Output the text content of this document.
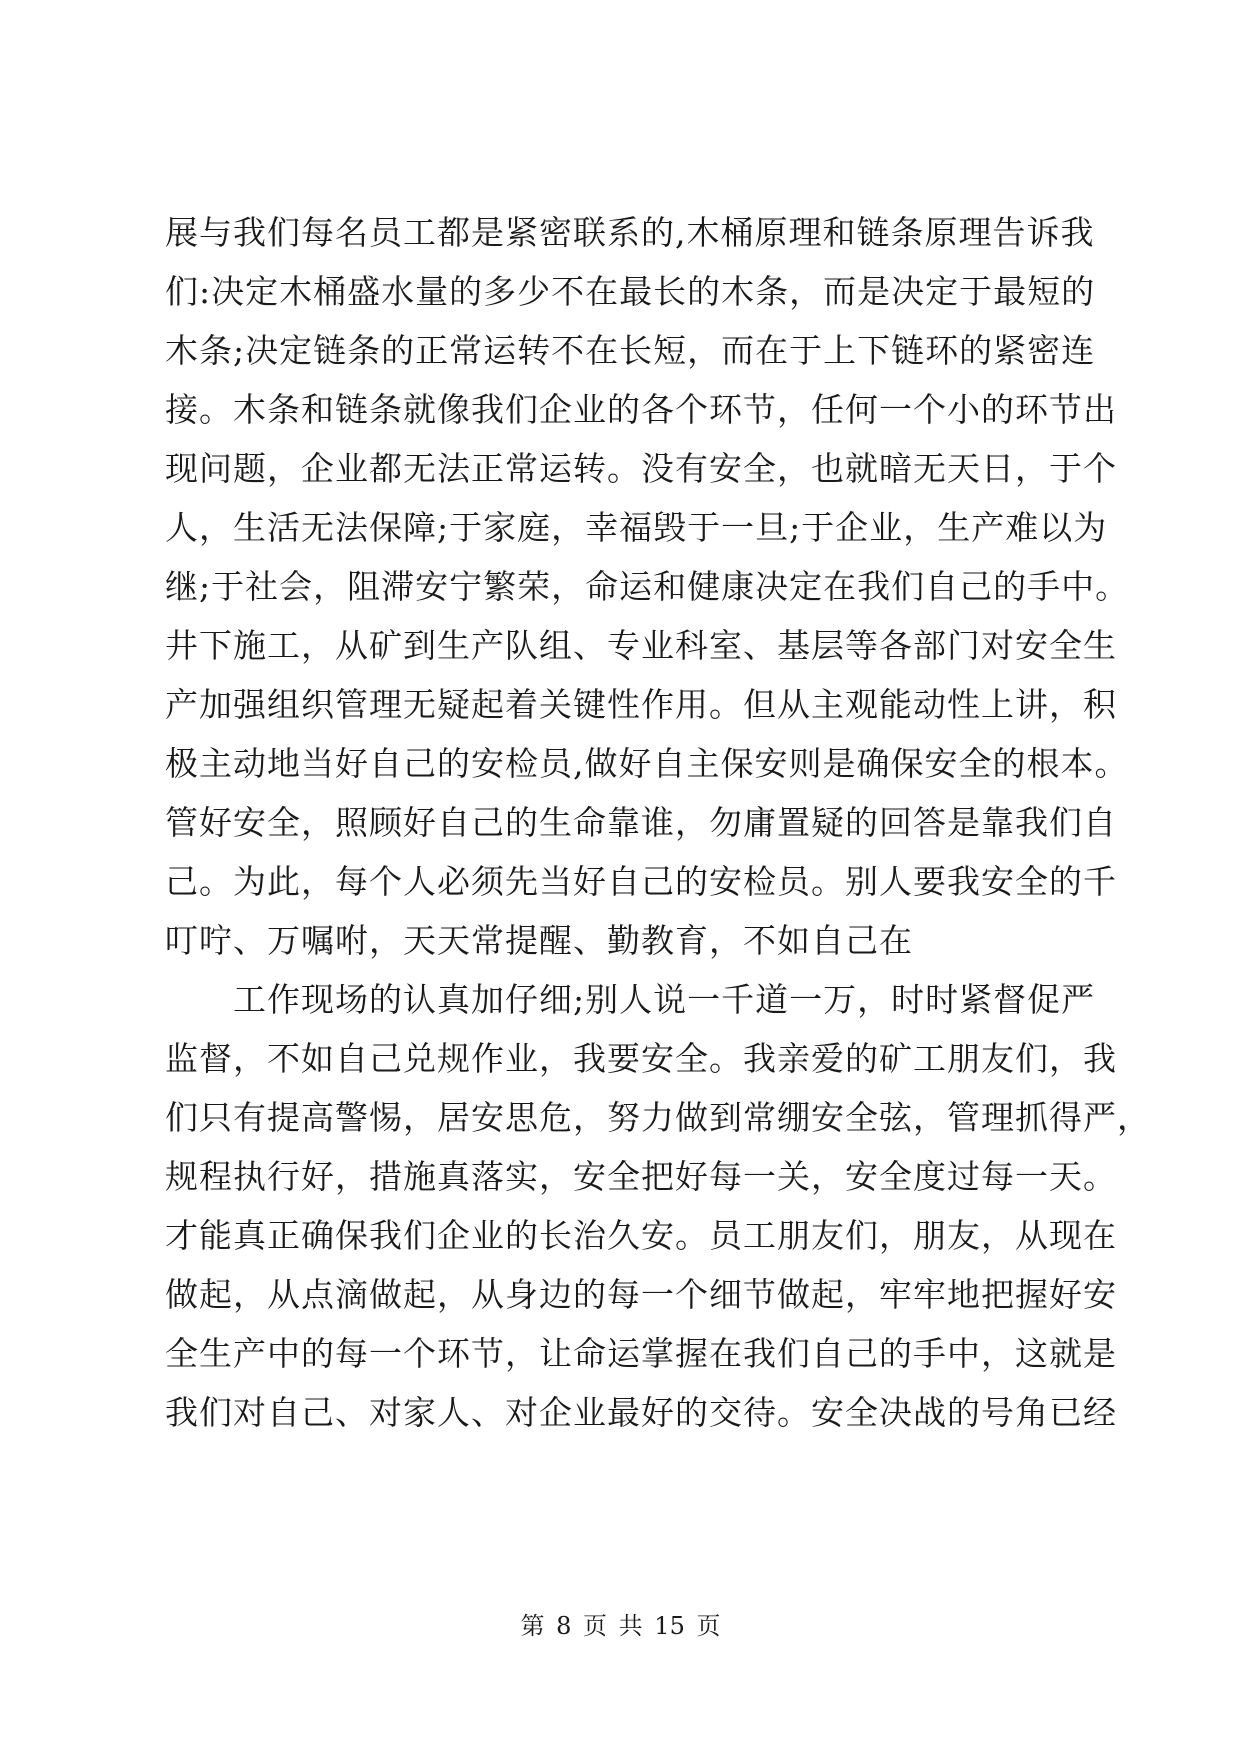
展与我们每名员工都是紧密联系的,木桶原理和链条原理告诉我
们:决定木桶盛水量的多少不在最长的木条，而是决定于最短的
木条;决定链条的正常运转不在长短，而在于上下链环的紧密连
接。木条和链条就像我们企业的各个环节，任何一个小的环节出
现问题，企业都无法正常运转。没有安全，也就暗无天日，于个
人，生活无法保障;于家庭，幸福毁于一旦;于企业，生产难以为
继;于社会，阻滞安宁繁荣，命运和健康决定在我们自己的手中。
井下施工，从矿到生产队组、专业科室、基层等各部门对安全生
产加强组织管理无疑起着关键性作用。但从主观能动性上讲，积
极主动地当好自己的安检员,做好自主保安则是确保安全的根本。
管好安全，照顾好自己的生命靠谁，勿庸置疑的回答是靠我们自
己。为此，每个人必须先当好自己的安检员。别人要我安全的千
叮咛、万嘱咐，天天常提醒、勤教育，不如自己在
工作现场的认真加仔细;别人说一千道一万，时时紧督促严
监督，不如自己兑规作业，我要安全。我亲爱的矿工朋友们，我
们只有提高警惕，居安思危，努力做到常绷安全弦，管理抓得严，
规程执行好，措施真落实，安全把好每一关，安全度过每一天。
才能真正确保我们企业的长治久安。员工朋友们，朋友，从现在
做起，从点滴做起，从身边的每一个细节做起，牢牢地把握好安
全生产中的每一个环节，让命运掌握在我们自己的手中，这就是
我们对自己、对家人、对企业最好的交待。安全决战的号角已经
第 8 页 共 15 页
